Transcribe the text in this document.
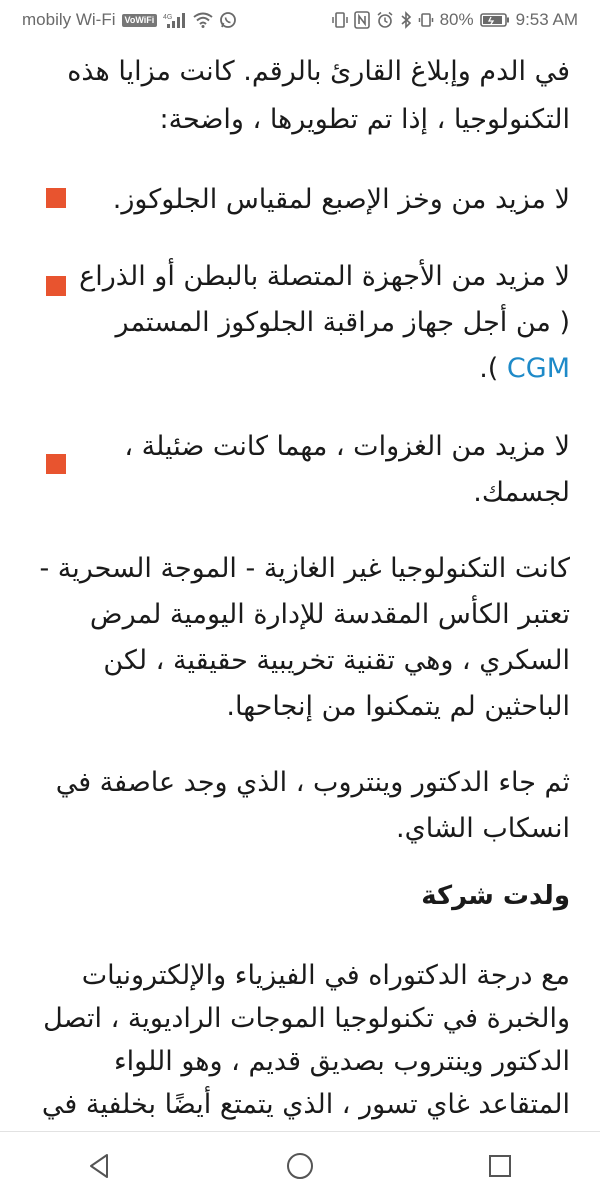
mobily Wi-Fi	VoWiFi	4G	80% 9:53 AM

في الدم وإبلاغ القارئ بالرقم. كانت مزايا هذه
التكنولوجيا ، إذا تم تطويرها ، واضحة:

لا مزيد من وخز الإصبع لمقياس الجلوكوز.
لا مزيد من الأجهزة المتصلة بالبطن أو الذراع
( من أجل جهاز مراقبة الجلوكوز المستمر
CGM ).
لا مزيد من الغزوات ، مهما كانت ضئيلة ،
لجسمك.

كانت التكنولوجيا غير الغازية - الموجة السحرية -
تعتبر الكأس المقدسة للإدارة اليومية لمرض
السكري ، وهي تقنية تخريبية حقيقية ، لكن
الباحثين لم يتمكنوا من إنجاحها.

ثم جاء الدكتور وينتروب ، الذي وجد عاصفة في
انسكاب الشاي.

ولدت شركة

مع درجة الدكتوراه في الفيزياء والإلكترونيات
والخبرة في تكنولوجيا الموجات الراديوية ، اتصل
الدكتور وينتروب بصديق قديم ، وهو اللواء
المتقاعد غاي تسور ، الذي يتمتع أيضًا بخلفية في
